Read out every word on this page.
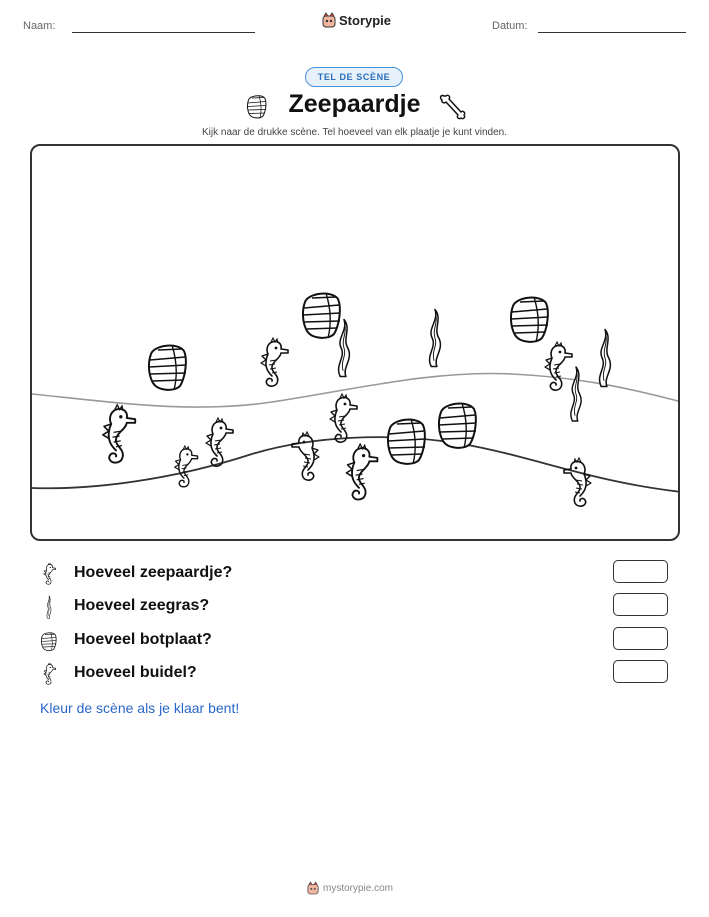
Naam:	Storypie	Datum:
TEL DE SCÈNE
Zeepaardje
Kijk naar de drukke scène. Tel hoeveel van elk plaatje je kunt vinden.
Hoeveel zeepaardje?
Hoeveel zeegras?
Hoeveel botplaat?
Hoeveel buidel?
Kleur de scène als je klaar bent!
mystorypie.com
